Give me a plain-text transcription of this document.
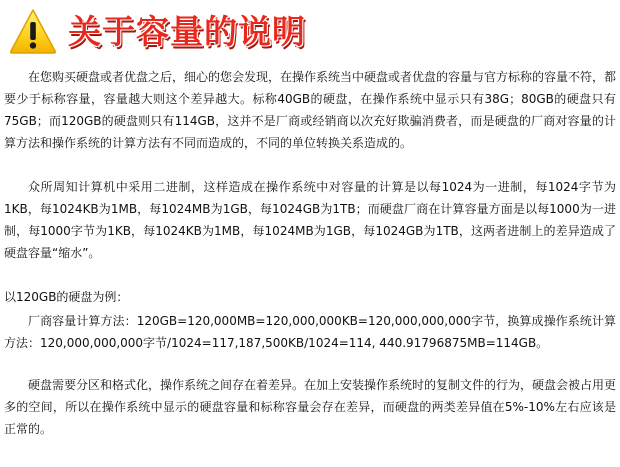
关于容量的说明

在您购买硬盘或者优盘之后，细心的您会发现，在操作系统当中硬盘或者优盘的容量与官方标称的容量不符，都要少于标称容量，容量越大则这个差异越大。标称40GB的硬盘，在操作系统中显示只有38G；80GB的硬盘只有75GB；而120GB的硬盘则只有114GB，这并不是厂商或经销商以次充好欺骗消费者，而是硬盘的厂商对容量的计算方法和操作系统的计算方法有不同而造成的，不同的单位转换关系造成的。

众所周知计算机中采用二进制，这样造成在操作系统中对容量的计算是以每1024为一进制，每1024字节为1KB，每1024KB为1MB，每1024MB为1GB，每1024GB为1TB；而硬盘厂商在计算容量方面是以每1000为一进制，每1000字节为1KB，每1024KB为1MB，每1024MB为1GB，每1024GB为1TB，这两者进制上的差异造成了硬盘容量“缩水”。

以120GB的硬盘为例：

厂商容量计算方法：120GB=120,000MB=120,000,000KB=120,000,000,000字节，换算成操作系统计算方法：120,000,000,000字节/1024=117,187,500KB/1024=114, 440.91796875MB=114GB。

硬盘需要分区和格式化，操作系统之间存在着差异。在加上安装操作系统时的复制文件的行为，硬盘会被占用更多的空间，所以在操作系统中显示的硬盘容量和标称容量会存在差异，而硬盘的两类差异值在5%-10%左右应该是正常的。
